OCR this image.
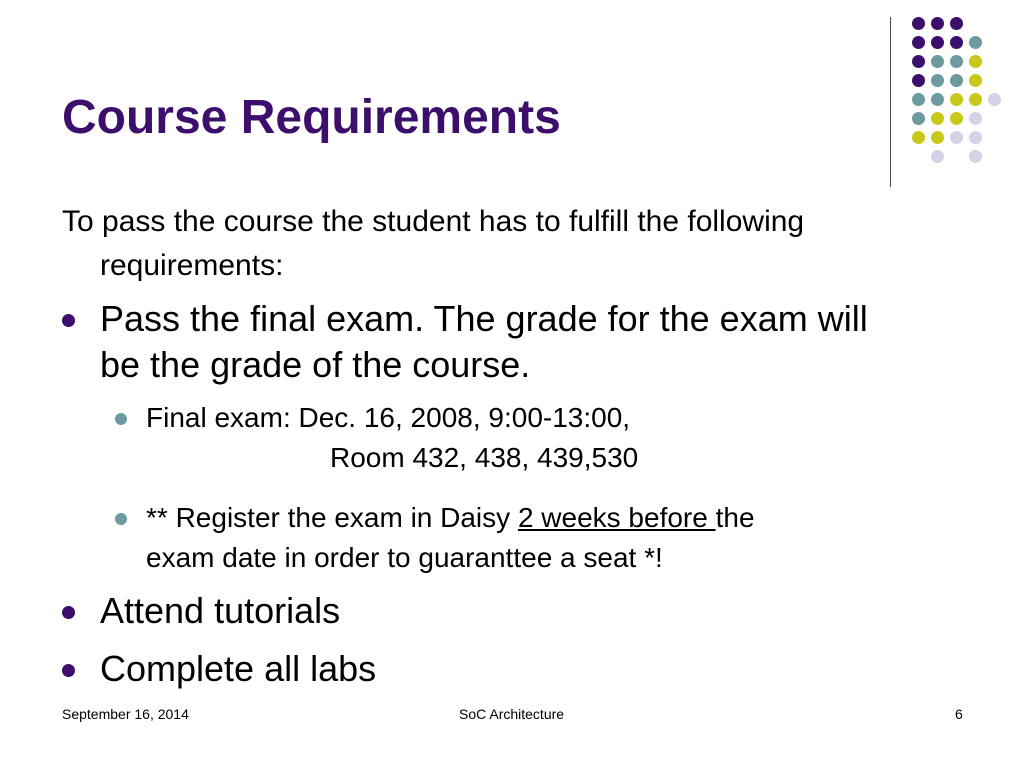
Course Requirements
To pass the course the student has to fulfill the following
requirements:
Pass the final exam. The grade for the exam will
be the grade of the course.
Final exam: Dec. 16, 2008, 9:00-13:00,
Room 432, 438, 439,530
** Register the exam in Daisy 2 weeks before the
exam date in order to guaranttee a seat *!
Attend tutorials
Complete all labs
September 16, 2014	SoC Architecture	6
